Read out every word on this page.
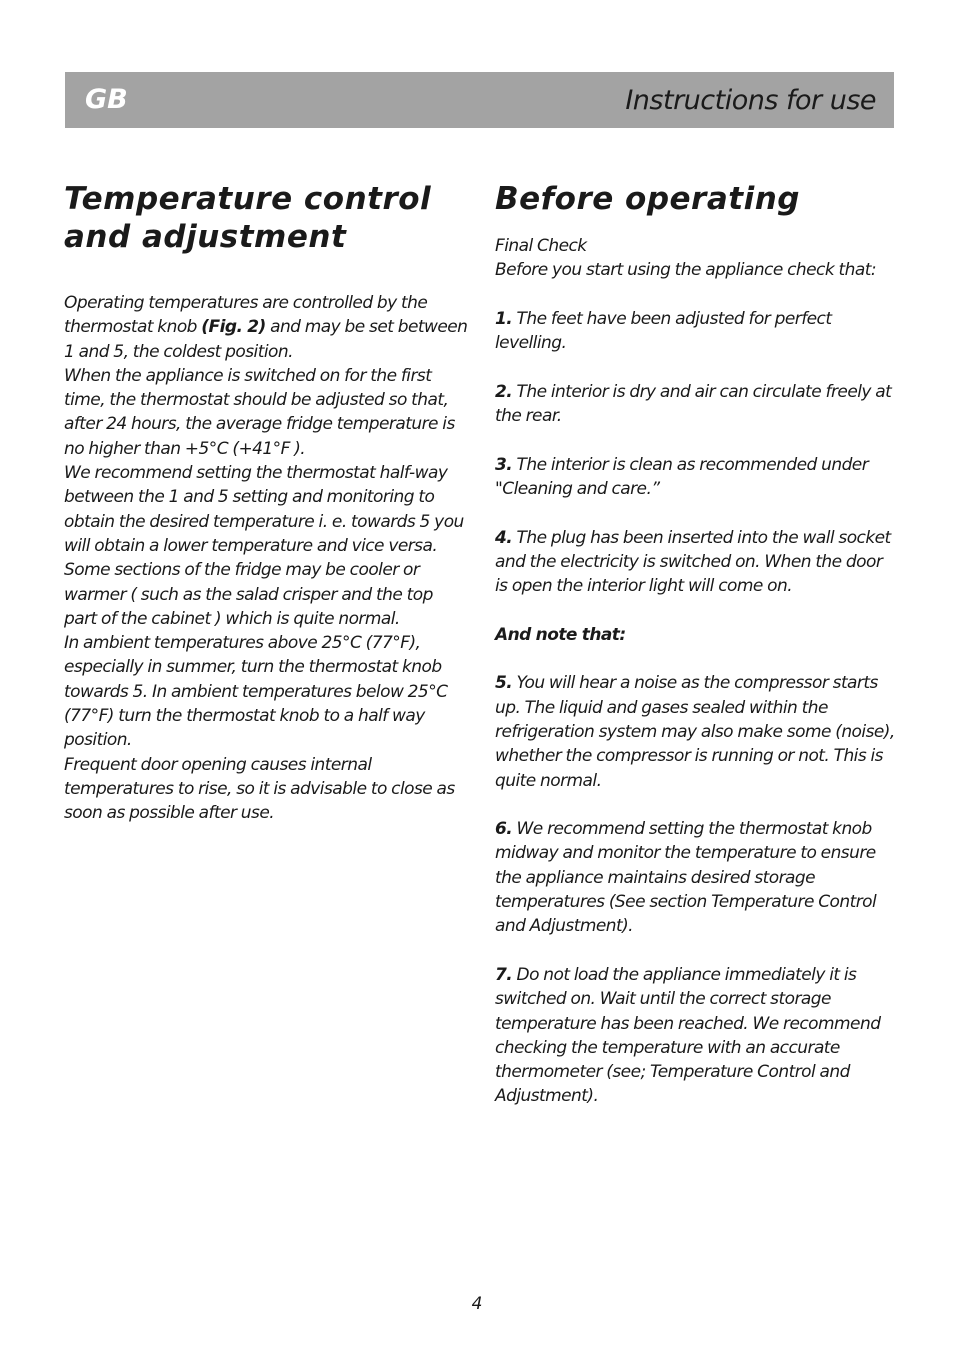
GB	Instructions for use
Temperature control
and adjustment

Operating temperatures are controlled by the thermostat knob (Fig. 2) and may be set between 1 and 5, the coldest position.

When the appliance is switched on for the first time, the thermostat should be adjusted so that, after 24 hours, the average fridge temperature is no higher than +5°C (+41°F ).

We recommend setting the thermostat half-way between the 1 and 5 setting and monitoring to obtain the desired temperature i. e. towards 5 you will obtain a lower temperature and vice versa. Some sections of the fridge may be cooler or warmer ( such as the salad crisper and the top part of the cabinet ) which is quite normal.

In ambient temperatures above 25°C (77°F), especially in summer, turn the thermostat knob towards 5. In ambient temperatures below 25°C (77°F) turn the thermostat knob to a half way position.

Frequent door opening causes internal temperatures to rise, so it is advisable to close as soon as possible after use.

Before operating

Final Check

Before you start using the appliance check that:

1. The feet have been adjusted for perfect levelling.

2. The interior is dry and air can circulate freely at the rear.

3. The interior is clean as recommended under "Cleaning and care.”

4. The plug has been inserted into the wall socket and the electricity is switched on. When the door is open the interior light will come on.

And note that:

5. You will hear a noise as the compressor starts up. The liquid and gases sealed within the refrigeration system may also make some (noise), whether the compressor is running or not. This is quite normal.

6. We recommend setting the thermostat knob midway and monitor the temperature to ensure the appliance maintains desired storage temperatures (See section Temperature Control and Adjustment).

7. Do not load the appliance immediately it is switched on. Wait until the correct storage temperature has been reached. We recommend checking the temperature with an accurate thermometer (see; Temperature Control and Adjustment).

4
